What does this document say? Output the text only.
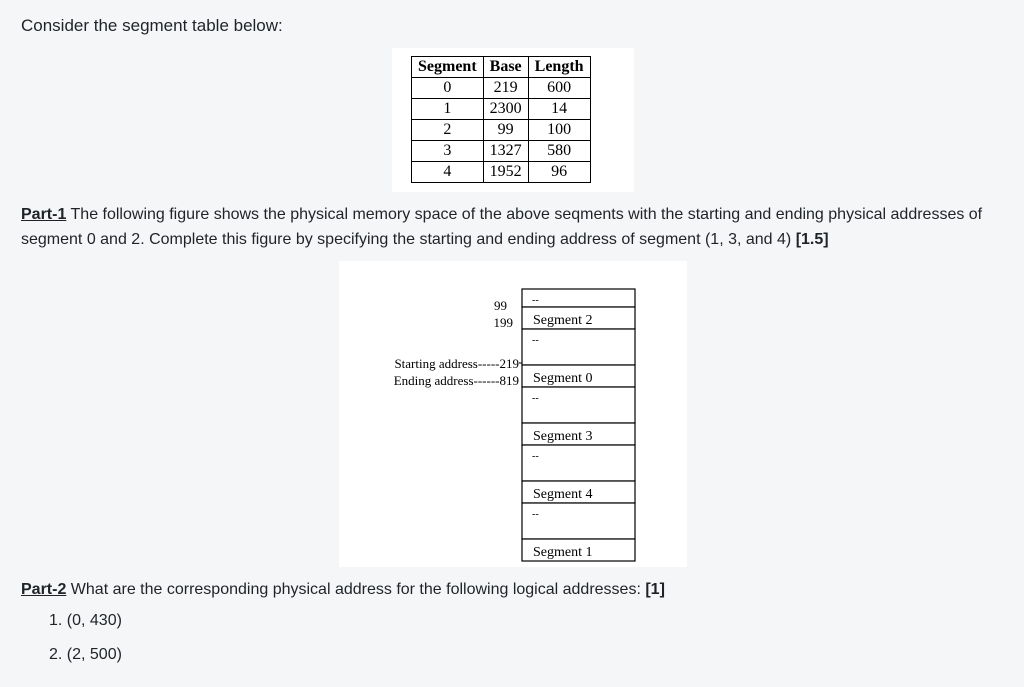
Consider the segment table below:
Segment	Base	Length
0	219	600
1	2300	14
2	99	100
3	1327	580
4	1952	96
Part-1 The following figure shows the physical memory space of the above seqments with the starting and ending physical addresses of segment 0 and 2. Complete this figure by specifying the starting and ending address of segment (1, 3, and 4) [1.5]
99
199
Starting address-----219
Ending address------819
--
Segment 2
--
Segment 0
--
Segment 3
--
Segment 4
--
Segment 1
Part-2 What are the corresponding physical address for the following logical addresses: [1]
1. (0, 430)
2. (2, 500)
